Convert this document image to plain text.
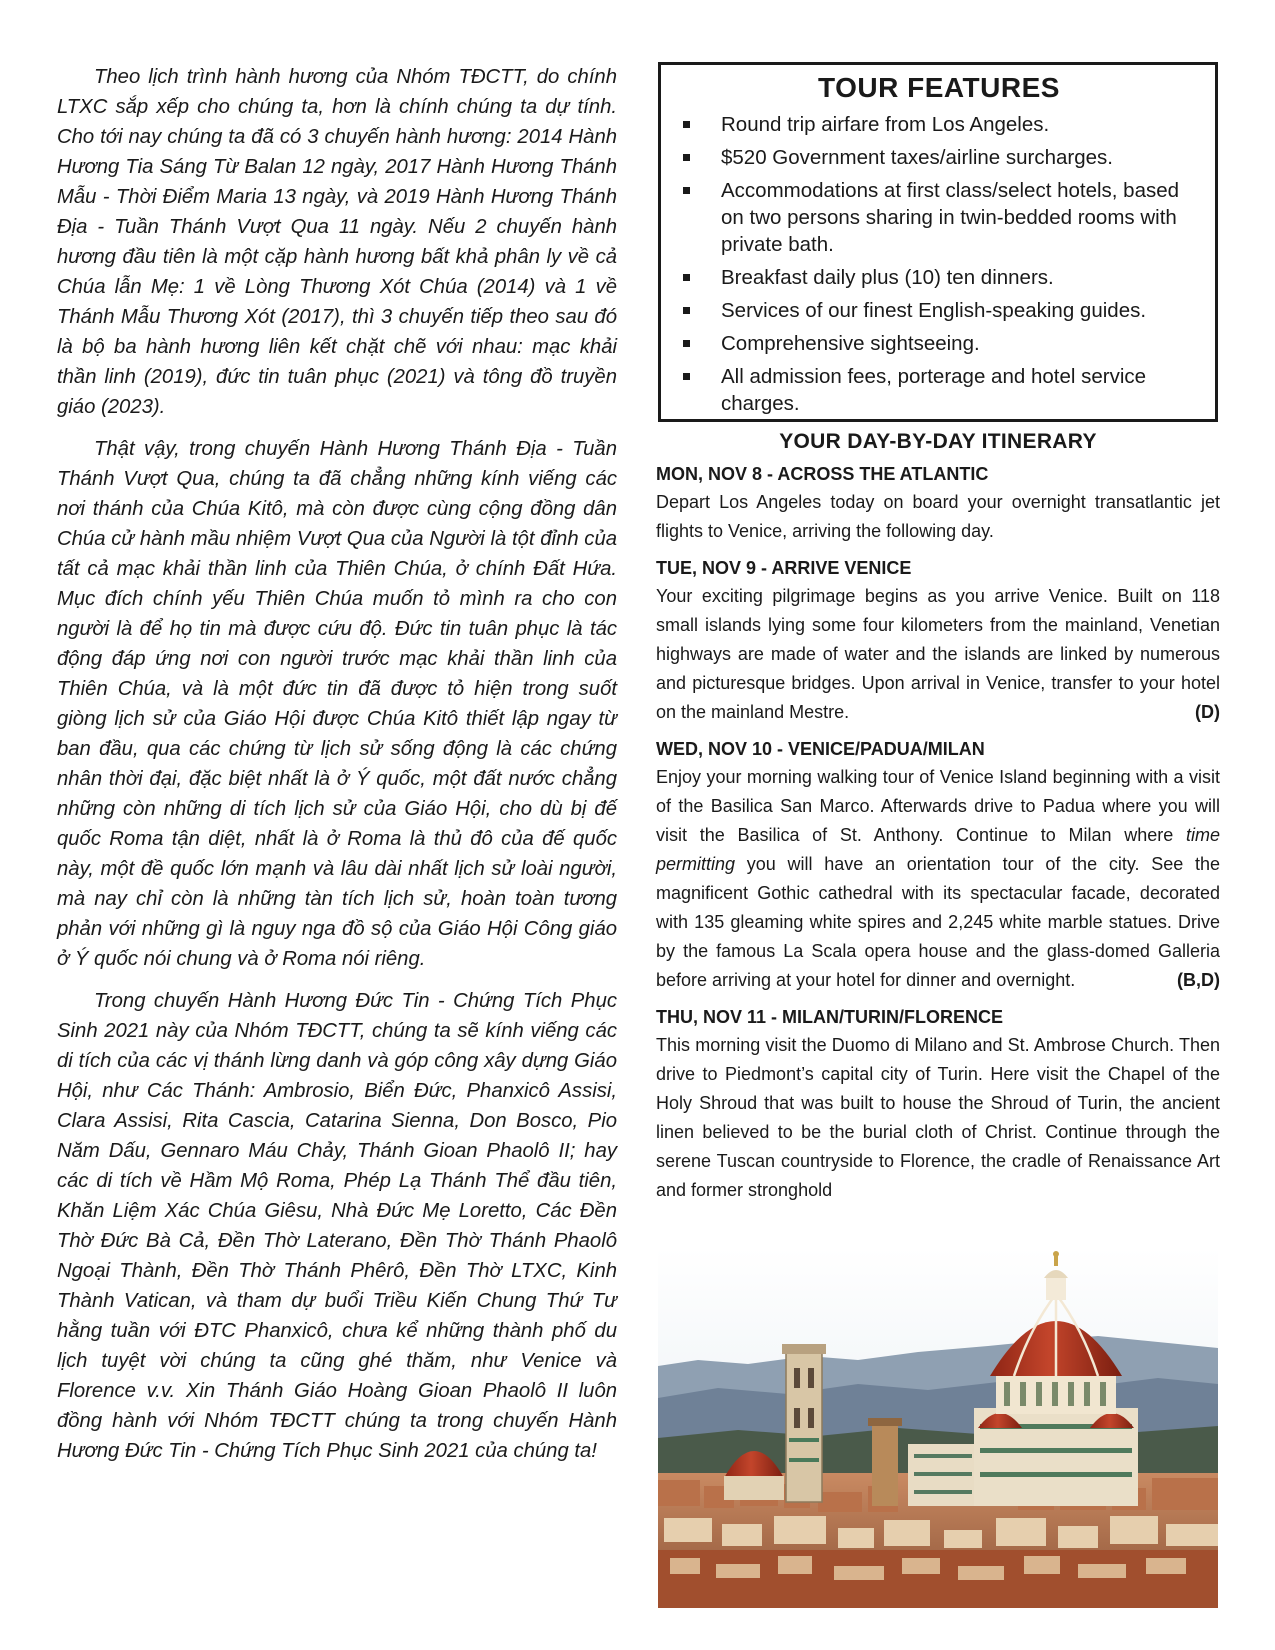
Theo lịch trình hành hương của Nhóm TĐCTT, do chính LTXC sắp xếp cho chúng ta, hơn là chính chúng ta dự tính. Cho tới nay chúng ta đã có 3 chuyến hành hương: 2014 Hành Hương Tia Sáng Từ Balan 12 ngày, 2017 Hành Hương Thánh Mẫu - Thời Điểm Maria 13 ngày, và 2019 Hành Hương Thánh Địa - Tuần Thánh Vượt Qua 11 ngày. Nếu 2 chuyến hành hương đầu tiên là một cặp hành hương bất khả phân ly về cả Chúa lẫn Mẹ: 1 về Lòng Thương Xót Chúa (2014) và 1 về Thánh Mẫu Thương Xót (2017), thì 3 chuyến tiếp theo sau đó là bộ ba hành hương liên kết chặt chẽ với nhau: mạc khải thần linh (2019), đức tin tuân phục (2021) và tông đồ truyền giáo (2023).

Thật vậy, trong chuyến Hành Hương Thánh Địa - Tuần Thánh Vượt Qua, chúng ta đã chẳng những kính viếng các nơi thánh của Chúa Kitô, mà còn được cùng cộng đồng dân Chúa cử hành mầu nhiệm Vượt Qua của Người là tột đỉnh của tất cả mạc khải thần linh của Thiên Chúa, ở chính Đất Hứa. Mục đích chính yếu Thiên Chúa muốn tỏ mình ra cho con người là để họ tin mà được cứu độ. Đức tin tuân phục là tác động đáp ứng nơi con người trước mạc khải thần linh của Thiên Chúa, và là một đức tin đã được tỏ hiện trong suốt giòng lịch sử của Giáo Hội được Chúa Kitô thiết lập ngay từ ban đầu, qua các chứng từ lịch sử sống động là các chứng nhân thời đại, đặc biệt nhất là ở Ý quốc, một đất nước chẳng những còn những di tích lịch sử của Giáo Hội, cho dù bị đế quốc Roma tận diệt, nhất là ở Roma là thủ đô của đế quốc này, một đề quốc lớn mạnh và lâu dài nhất lịch sử loài người, mà nay chỉ còn là những tàn tích lịch sử, hoàn toàn tương phản với những gì là nguy nga đồ sộ của Giáo Hội Công giáo ở Ý quốc nói chung và ở Roma nói riêng.

Trong chuyến Hành Hương Đức Tin - Chứng Tích Phục Sinh 2021 này của Nhóm TĐCTT, chúng ta sẽ kính viếng các di tích của các vị thánh lừng danh và góp công xây dựng Giáo Hội, như Các Thánh: Ambrosio, Biển Đức, Phanxicô Assisi, Clara Assisi, Rita Cascia, Catarina Sienna, Don Bosco, Pio Năm Dấu, Gennaro Máu Chảy, Thánh Gioan Phaolô II; hay các di tích về Hầm Mộ Roma, Phép Lạ Thánh Thể đầu tiên, Khăn Liệm Xác Chúa Giêsu, Nhà Đức Mẹ Loretto, Các Đền Thờ Đức Bà Cả, Đền Thờ Laterano, Đền Thờ Thánh Phaolô Ngoại Thành, Đền Thờ Thánh Phêrô, Đền Thờ LTXC, Kinh Thành Vatican, và tham dự buổi Triều Kiến Chung Thứ Tư hằng tuần với ĐTC Phanxicô, chưa kể những thành phố du lịch tuyệt vời chúng ta cũng ghé thăm, như Venice và Florence v.v. Xin Thánh Giáo Hoàng Gioan Phaolô II luôn đồng hành với Nhóm TĐCTT chúng ta trong chuyến Hành Hương Đức Tin - Chứng Tích Phục Sinh 2021 của chúng ta!

TOUR FEATURES
Round trip airfare from Los Angeles.
$520 Government taxes/airline surcharges.
Accommodations at first class/select hotels, based on two persons sharing in twin-bedded rooms with private bath.
Breakfast daily plus (10) ten dinners.
Services of our finest English-speaking guides.
Comprehensive sightseeing.
All admission fees, porterage and hotel service charges.
YOUR DAY-BY-DAY ITINERARY
MON, NOV 8 - ACROSS THE ATLANTIC

Depart Los Angeles today on board your overnight transatlantic jet flights to Venice, arriving the following day.

TUE, NOV 9 - ARRIVE VENICE

Your exciting pilgrimage begins as you arrive Venice. Built on 118 small islands lying some four kilometers from the mainland, Venetian highways are made of water and the islands are linked by numerous and picturesque bridges. Upon arrival in Venice, transfer to your hotel on the mainland Mestre.	(D)

WED, NOV 10 - VENICE/PADUA/MILAN

Enjoy your morning walking tour of Venice Island beginning with a visit of the Basilica San Marco. Afterwards drive to Padua where you will visit the Basilica of St. Anthony. Continue to Milan where time permitting you will have an orientation tour of the city. See the magnificent Gothic cathedral with its spectacular facade, decorated with 135 gleaming white spires and 2,245 white marble statues. Drive by the famous La Scala opera house and the glass-domed Galleria before arriving at your hotel for dinner and overnight.	(B,D)

THU, NOV 11 - MILAN/TURIN/FLORENCE

This morning visit the Duomo di Milano and St. Ambrose Church. Then drive to Piedmont’s capital city of Turin. Here visit the Chapel of the Holy Shroud that was built to house the Shroud of Turin, the ancient linen believed to be the burial cloth of Christ. Continue through the serene Tuscan countryside to Florence, the cradle of Renaissance Art and former stronghold
